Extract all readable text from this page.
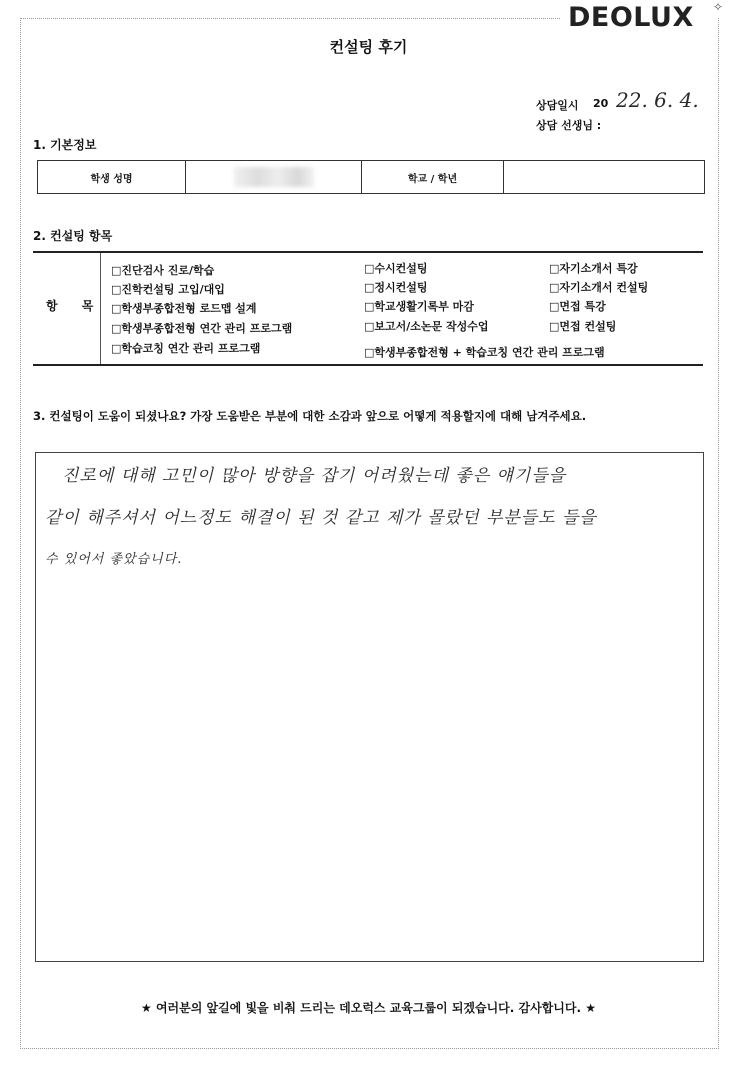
DEOLUX ✧
컨설팅 후기
상담일시 20 22. 6. 4.
상담 선생님 :
1. 기본정보
학생 성명	학교 / 학년
2. 컨설팅 항목
항 목
□진단검사 진로/학습
□진학컨설팅 고입/대입
□학생부종합전형 로드맵 설계
□학생부종합전형 연간 관리 프로그램
□학습코칭 연간 관리 프로그램
□수시컨설팅
□정시컨설팅
□학교생활기록부 마감
□보고서/소논문 작성수업
□학생부종합전형 + 학습코칭 연간 관리 프로그램
□자기소개서 특강
□자기소개서 컨설팅
□면접 특강
□면접 컨설팅
3. 컨설팅이 도움이 되셨나요? 가장 도움받은 부분에 대한 소감과 앞으로 어떻게 적용할지에 대해 남겨주세요.
진로에 대해 고민이 많아 방향을 잡기 어려웠는데 좋은 얘기들을
같이 해주셔서 어느정도 해결이 된 것 같고 제가 몰랐던 부분들도 들을
수 있어서 좋았습니다.
★ 여러분의 앞길에 빛을 비춰 드리는 데오럭스 교육그룹이 되겠습니다. 감사합니다. ★
